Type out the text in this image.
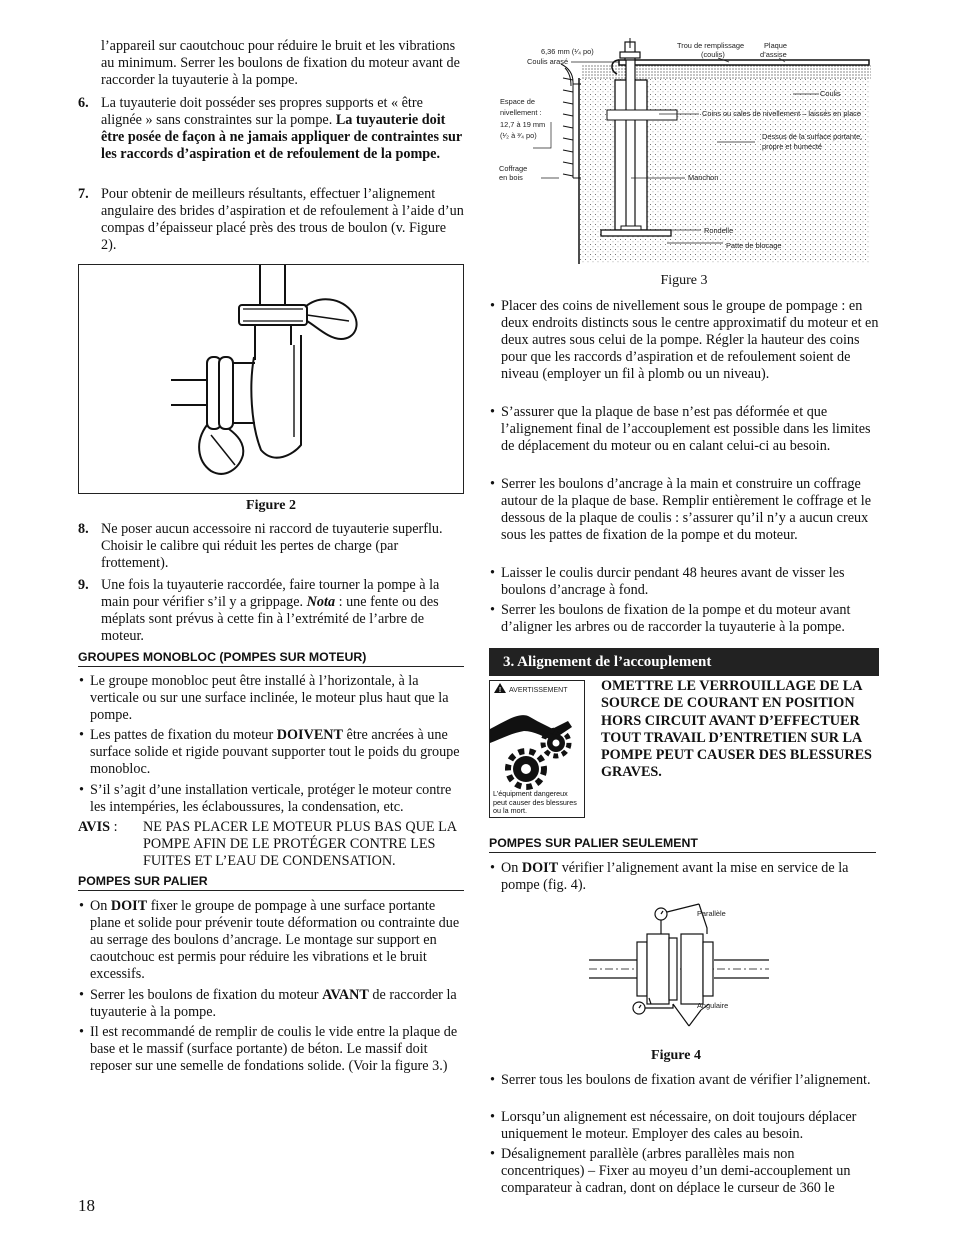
l’appareil sur caoutchouc pour réduire le bruit et les vibrations au minimum. Serrer les boulons de fixation du moteur avant de raccorder la tuyauterie à la pompe.

6. La tuyauterie doit posséder ses propres supports et « être alignée » sans constraintes sur la pompe. La tuyauterie doit être posée de façon à ne jamais appliquer de contraintes sur les raccords d’aspiration et de refoulement de la pompe.
7. Pour obtenir de meilleurs résultants, effectuer l’alignement angulaire des brides d’aspiration et de refoulement à l’aide d’un compas d’épaisseur placé près des trous de boulon (v. Figure 2).
Figure 2
8. Ne poser aucun accessoire ni raccord de tuyauterie superflu. Choisir le calibre qui réduit les pertes de charge (par frottement).
9. Une fois la tuyauterie raccordée, faire tourner la pompe à la main pour vérifier s’il y a grippage. Nota : une fente ou des méplats sont prévus à cette fin à l’extrémité de l’arbre de moteur.
GROUPES MONOBLOC (POMPES SUR MOTEUR)
• Le groupe monobloc peut être installé à l’horizontale, à la verticale ou sur une surface inclinée, le moteur plus haut que la pompe.
• Les pattes de fixation du moteur DOIVENT être ancrées à une surface solide et rigide pouvant supporter tout le poids du groupe monobloc.
• S’il s’agit d’une installation verticale, protéger le moteur contre les intempéries, les éclaboussures, la condensation, etc.
AVIS : NE PAS PLACER LE MOTEUR PLUS BAS QUE LA POMPE AFIN DE LE PROTÉGER CONTRE LES FUITES ET L’EAU DE CONDENSATION.
POMPES SUR PALIER
• On DOIT fixer le groupe de pompage à une surface portante plane et solide pour prévenir toute déformation ou contrainte due au serrage des boulons d’ancrage. Le montage sur support en caoutchouc est permis pour réduire les vibrations et le bruit excessifs.
• Serrer les boulons de fixation du moteur AVANT de raccorder la tuyauterie à la pompe.
• Il est recommandé de remplir de coulis le vide entre la plaque de base et le massif (surface portante) de béton. Le massif doit reposer sur une semelle de fondations solide. (Voir la figure 3.)
18
6,36 mm (¹⁄₄ po)
Coulis arasé
Trou de remplissage
(coulis)
Plaque
d’assise
Coulis
Espace de
nivellement :
12,7 à 19 mm
(¹⁄₂ à ³⁄₄ po)
Coins ou cales de nivellement – laissés en place
Dessus de la surface portante,
propre et humecté
Coffrage
en bois	Manchon
Rondelle
Patte de blocage
Figure 3
• Placer des coins de nivellement sous le groupe de pompage : en deux endroits distincts sous le centre approximatif du moteur et en deux autres sous celui de la pompe. Régler la hauteur des coins pour que les raccords d’aspiration et de refoulement soient de niveau (employer un fil à plomb ou un niveau).
• S’assurer que la plaque de base n’est pas déformée et que l’alignement final de l’accouplement est possible dans les limites de déplacement du moteur ou en calant celui-ci au besoin.
• Serrer les boulons d’ancrage à la main et construire un coffrage autour de la plaque de base. Remplir entièrement le coffrage et le dessous de la plaque de coulis : s’assurer qu’il n’y a aucun creux sous les pattes de fixation de la pompe et du moteur.
• Laisser le coulis durcir pendant 48 heures avant de visser les boulons d’ancrage à fond.
• Serrer les boulons de fixation de la pompe et du moteur avant d’aligner les arbres ou de raccorder la tuyauterie à la pompe.
3. Alignement de l’accouplement
! AVERTISSEMENT
L’équipment dangereux peut causer des blessures ou la mort.
OMETTRE LE VERROUILLAGE DE LA SOURCE DE COURANT EN POSITION HORS CIRCUIT AVANT D’EFFECTUER TOUT TRAVAIL D’ENTRETIEN SUR LA POMPE PEUT CAUSER DES BLESSURES GRAVES.
POMPES SUR PALIER SEULEMENT
• On DOIT vérifier l’alignement avant la mise en service de la pompe (fig. 4).
Parallèle
Angulaire
Figure 4
• Serrer tous les boulons de fixation avant de vérifier l’alignement.
• Lorsqu’un alignement est nécessaire, on doit toujours déplacer uniquement le moteur. Employer des cales au besoin.
• Désalignement parallèle (arbres parallèles mais non concentriques) – Fixer au moyeu d’un demi-accouplement un comparateur à cadran, dont on déplace le curseur de 360 le
